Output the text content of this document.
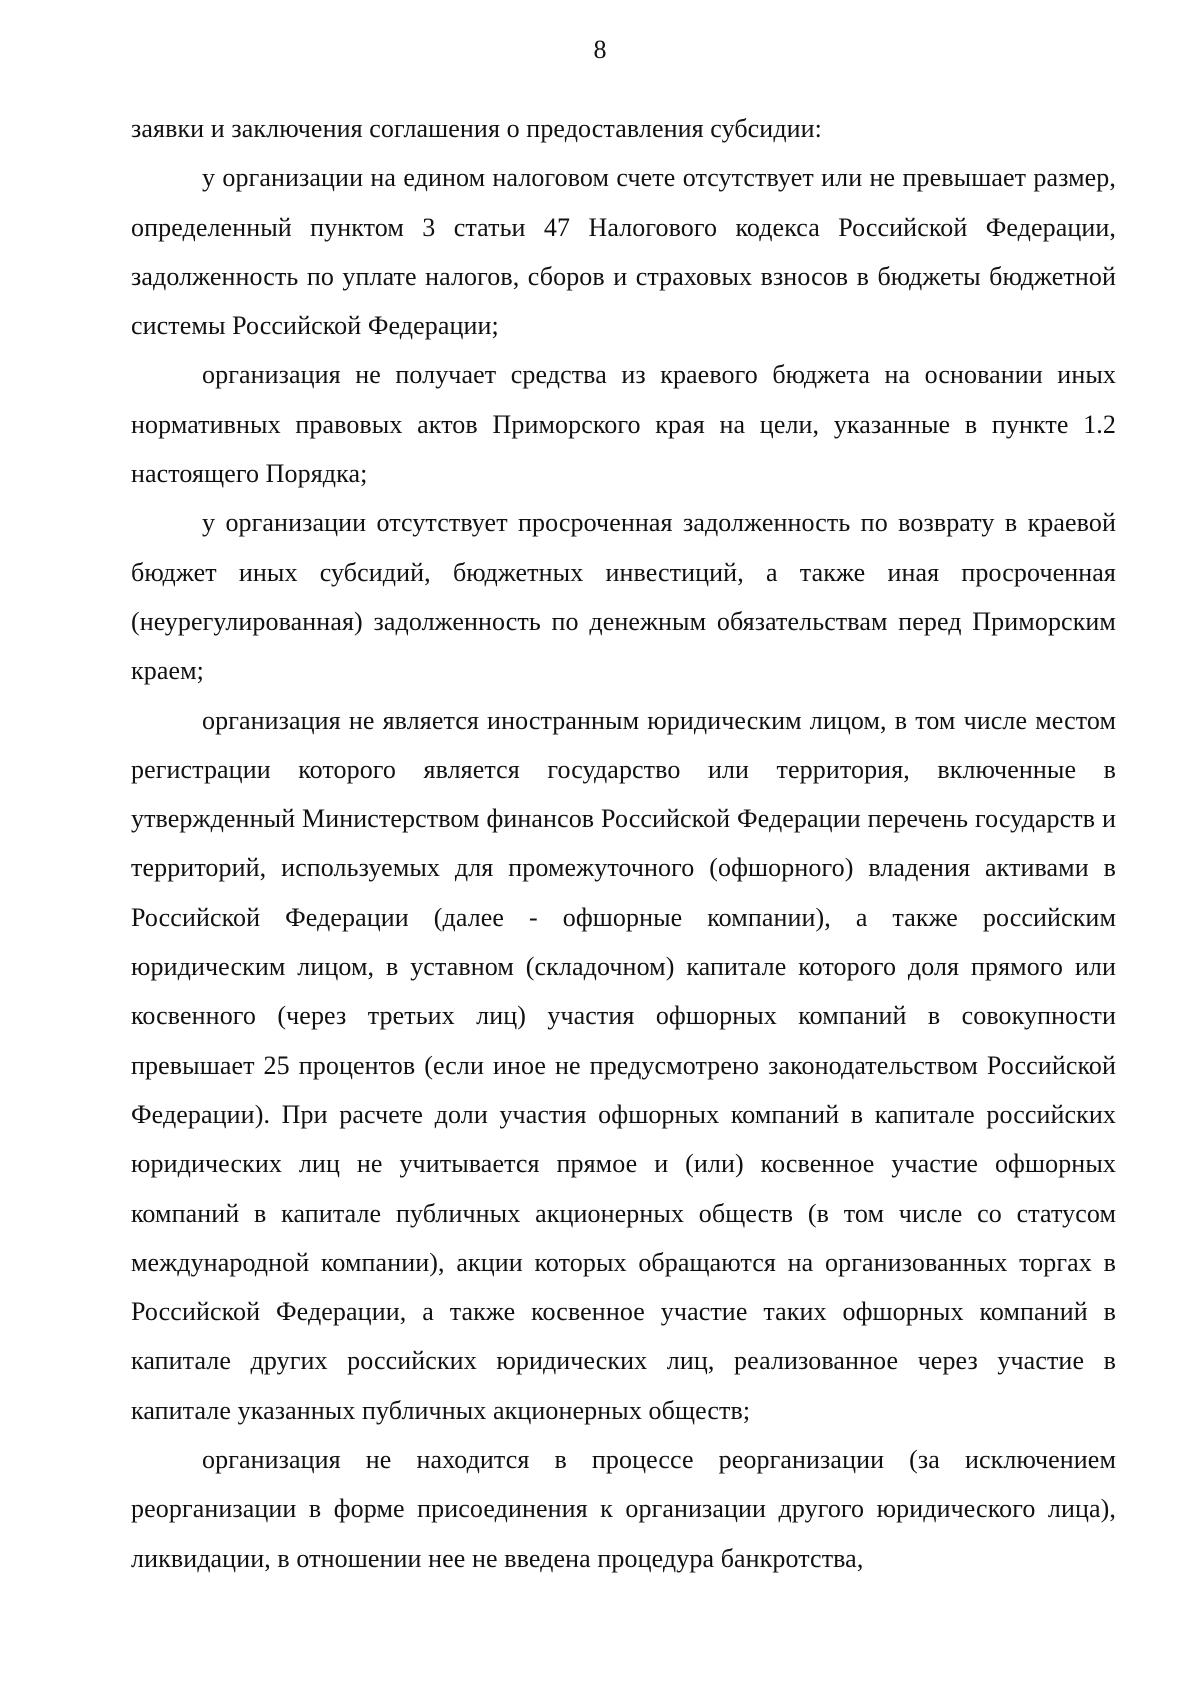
8

заявки и заключения соглашения о предоставления субсидии:

у организации на едином налоговом счете отсутствует или не превышает размер, определенный пунктом 3 статьи 47 Налогового кодекса Российской Федерации, задолженность по уплате налогов, сборов и страховых взносов в бюджеты бюджетной системы Российской Федерации;

организация не получает средства из краевого бюджета на основании иных нормативных правовых актов Приморского края на цели, указанные в пункте 1.2 настоящего Порядка;

у организации отсутствует просроченная задолженность по возврату в краевой бюджет иных субсидий, бюджетных инвестиций, а также иная просроченная (неурегулированная) задолженность по денежным обязательствам перед Приморским краем;

организация не является иностранным юридическим лицом, в том числе местом регистрации которого является государство или территория, включенные в утвержденный Министерством финансов Российской Федерации перечень государств и территорий, используемых для промежуточного (офшорного) владения активами в Российской Федерации (далее - офшорные компании), а также российским юридическим лицом, в уставном (складочном) капитале которого доля прямого или косвенного (через третьих лиц) участия офшорных компаний в совокупности превышает 25 процентов (если иное не предусмотрено законодательством Российской Федерации). При расчете доли участия офшорных компаний в капитале российских юридических лиц не учитывается прямое и (или) косвенное участие офшорных компаний в капитале публичных акционерных обществ (в том числе со статусом международной компании), акции которых обращаются на организованных торгах в Российской Федерации, а также косвенное участие таких офшорных компаний в капитале других российских юридических лиц, реализованное через участие в капитале указанных публичных акционерных обществ;

организация не находится в процессе реорганизации (за исключением реорганизации в форме присоединения к организации другого юридического лица), ликвидации, в отношении нее не введена процедура банкротства,
